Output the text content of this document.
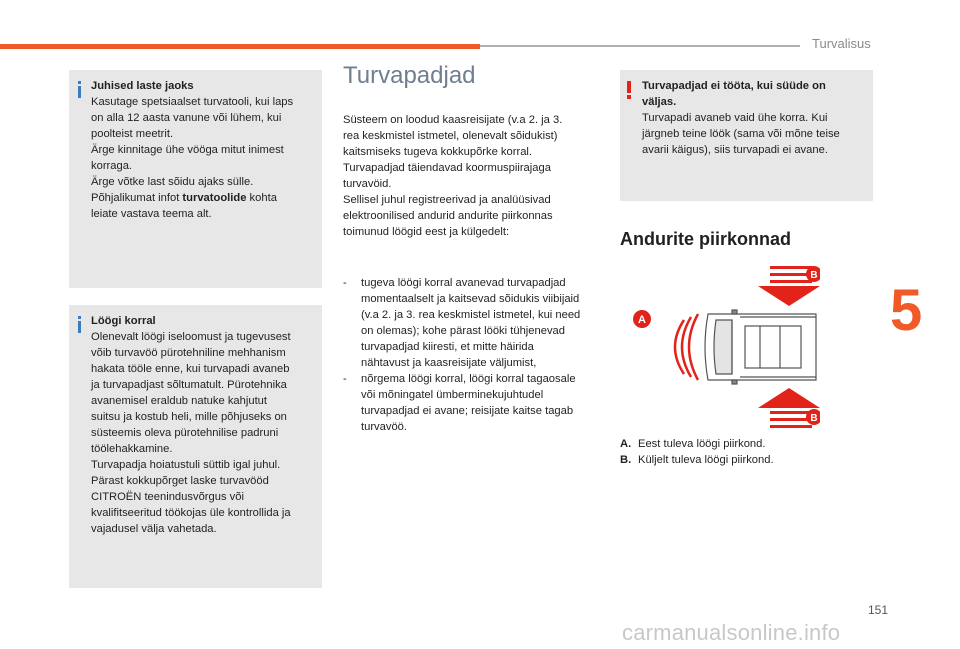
Turvalisus
5

Juhised laste jaoks
Kasutage spetsiaalset turvatooli, kui laps
on alla 12 aasta vanune või lühem, kui
poolteist meetrit.
Ärge kinnitage ühe vööga mitut inimest
korraga.
Ärge võtke last sõidu ajaks sülle.
Põhjalikumat infot turvatoolide kohta
leiate vastava teema alt.

Löögi korral
Olenevalt löögi iseloomust ja tugevusest
võib turvavöö pürotehniline mehhanism
hakata tööle enne, kui turvapadi avaneb
ja turvapadjast sõltumatult. Pürotehnika
avanemisel eraldub natuke kahjutut
suitsu ja kostub heli, mille põhjuseks on
süsteemis oleva pürotehnilise padruni
töölehakkamine.
Turvapadja hoiatustuli süttib igal juhul.
Pärast kokkupõrget laske turvavööd
CITROËN teenindusvõrgus või
kvalifitseeritud töökojas üle kontrollida ja
vajadusel välja vahetada.

Turvapadjad

Süsteem on loodud kaasreisijate (v.a 2. ja 3.
rea keskmistel istmetel, olenevalt sõidukist)
kaitsmiseks tugeva kokkupõrke korral.
Turvapadjad täiendavad koormuspiirajaga
turvavöid.
Sellisel juhul registreerivad ja analüüsivad
elektroonilised andurid andurite piirkonnas
toimunud löögid eest ja külgedelt:

- tugeva löögi korral avanevad turvapadjad
momentaalselt ja kaitsevad sõidukis viibijaid
(v.a 2. ja 3. rea keskmistel istmetel, kui need
on olemas); kohe pärast lööki tühjenevad
turvapadjad kiiresti, et mitte häirida
nähtavust ja kaasreisijate väljumist,
- nõrgema löögi korral, löögi korral tagaosale
või mõningatel ümberminekujuhtudel
turvapadjad ei avane; reisijate kaitse tagab
turvavöö.

Turvapadjad ei tööta, kui süüde on
väljas.
Turvapadi avaneb vaid ühe korra. Kui
järgneb teine löök (sama või mõne teise
avarii käigus), siis turvapadi ei avane.

Andurite piirkonnad
A
B
B
A. Eest tuleva löögi piirkond.
B. Küljelt tuleva löögi piirkond.
151
carmanualsonline.info
